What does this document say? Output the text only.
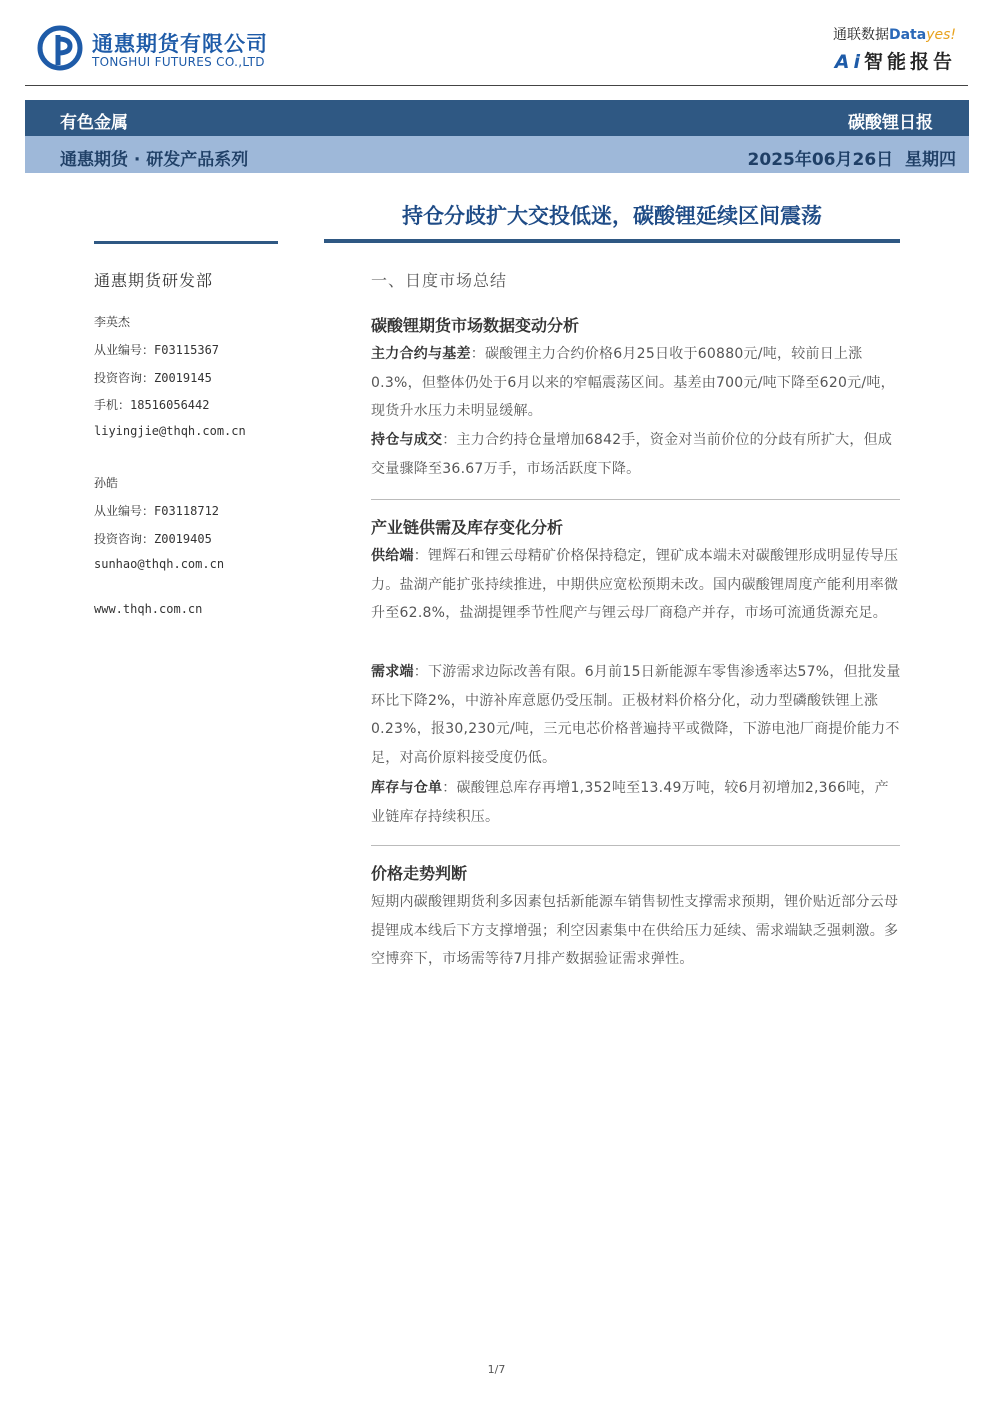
通惠期货有限公司
TONGHUI FUTURES CO.,LTD
通联数据Datayes!
Ai智能报告
有色金属	碳酸锂日报
通惠期货 · 研发产品系列	2025年06月26日  星期四
持仓分歧扩大交投低迷，碳酸锂延续区间震荡
通惠期货研发部
李英杰
从业编号：F03115367
投资咨询：Z0019145
手机：18516056442
liyingjie@thqh.com.cn
孙皓
从业编号：F03118712
投资咨询：Z0019405
sunhao@thqh.com.cn
www.thqh.com.cn
一、日度市场总结
碳酸锂期货市场数据变动分析
主力合约与基差：碳酸锂主力合约价格6月25日收于60880元/吨，较前日上涨0.3%，但整体仍处于6月以来的窄幅震荡区间。基差由700元/吨下降至620元/吨，现货升水压力未明显缓解。
持仓与成交：主力合约持仓量增加6842手，资金对当前价位的分歧有所扩大，但成交量骤降至36.67万手，市场活跃度下降。
产业链供需及库存变化分析
供给端：锂辉石和锂云母精矿价格保持稳定，锂矿成本端未对碳酸锂形成明显传导压力。盐湖产能扩张持续推进，中期供应宽松预期未改。国内碳酸锂周度产能利用率微升至62.8%，盐湖提锂季节性爬产与锂云母厂商稳产并存，市场可流通货源充足。
需求端：下游需求边际改善有限。6月前15日新能源车零售渗透率达57%，但批发量环比下降2%，中游补库意愿仍受压制。正极材料价格分化，动力型磷酸铁锂上涨0.23%，报30,230元/吨，三元电芯价格普遍持平或微降，下游电池厂商提价能力不足，对高价原料接受度仍低。
库存与仓单：碳酸锂总库存再增1,352吨至13.49万吨，较6月初增加2,366吨，产业链库存持续积压。
价格走势判断
短期内碳酸锂期货利多因素包括新能源车销售韧性支撑需求预期，锂价贴近部分云母提锂成本线后下方支撑增强；利空因素集中在供给压力延续、需求端缺乏强刺激。多空博弈下，市场需等待7月排产数据验证需求弹性。
1/7
